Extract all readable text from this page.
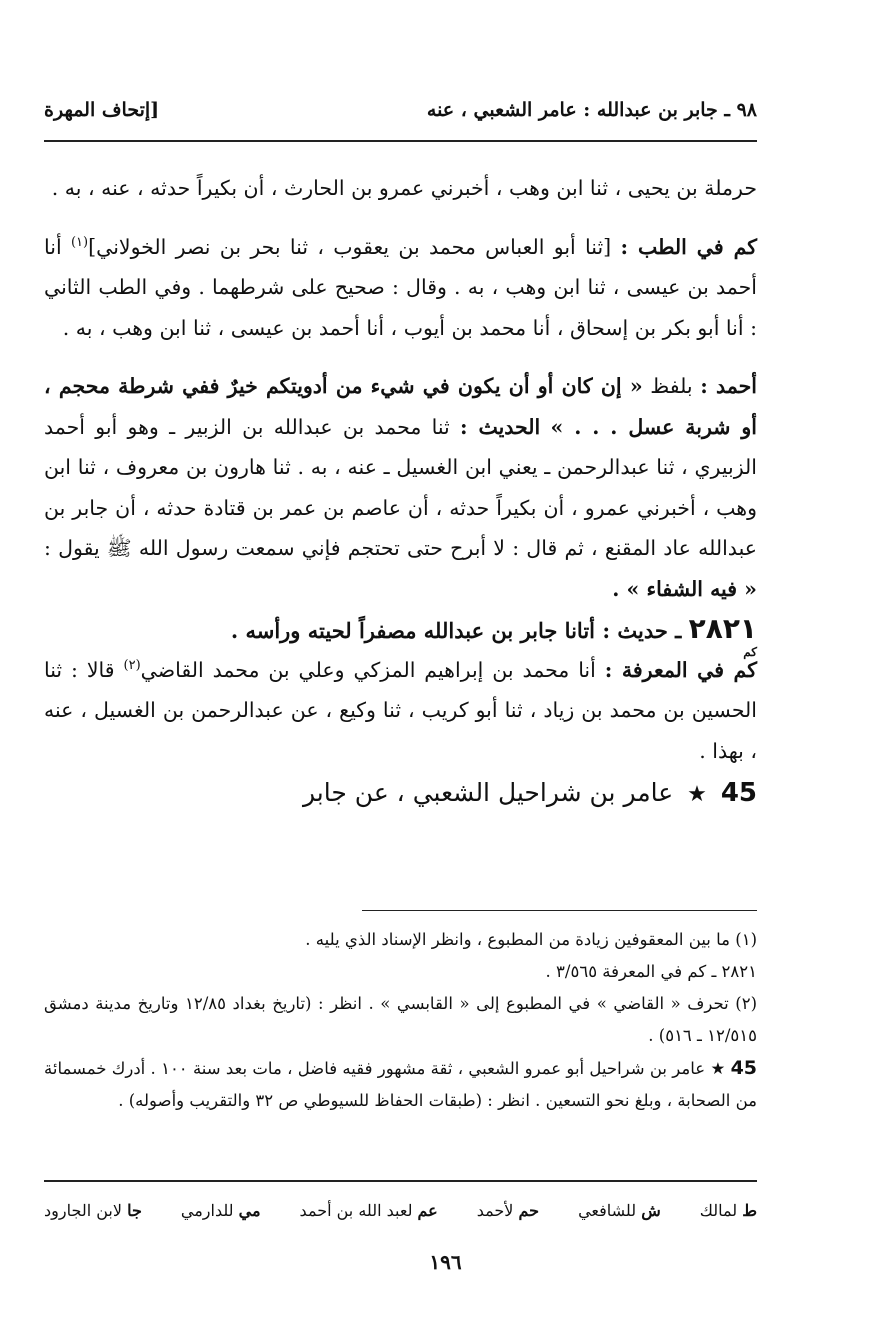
٩٨ ـ جابر بن عبدالله : عامر الشعبي ، عنه
[إتحاف المهرة

حرملة بن يحيى ، ثنا ابن وهب ، أخبرني عمرو بن الحارث ، أن بكيراً حدثه ، عنه ، به .

كم في الطب : [ثنا أبو العباس محمد بن يعقوب ، ثنا بحر بن نصر الخولاني]$^{(١)}$ أنا أحمد بن عيسى ، ثنا ابن وهب ، به . وقال : صحيح على شرطهما . وفي الطب الثاني : أنا أبو بكر بن إسحاق ، أنا محمد بن أيوب ، أنا أحمد بن عيسى ، ثنا ابن وهب ، به .

أحمد : بلفظ « إن كان أو أن يكون في شيء من أدويتكم خيرٌ ففي شرطة محجم ، أو شربة عسل . . . » الحديث : ثنا محمد بن عبدالله بن الزبير ـ وهو أبو أحمد الزبيري ، ثنا عبدالرحمن ـ يعني ابن الغسيل ـ عنه ، به . ثنا هارون بن معروف ، ثنا ابن وهب ، أخبرني عمرو ، أن بكيراً حدثه ، أن عاصم بن عمر بن قتادة حدثه ، أن جابر بن عبدالله عاد المقنع ، ثم قال : لا أبرح حتى تحتجم فإني سمعت رسول الله ﷺ يقول : « فيه الشفاء » .

٢٨٢١ ـ حديث : أتانا جابر بن عبدالله مصفراً لحيته ورأسه .
كم

كم في المعرفة : أنا محمد بن إبراهيم المزكي وعلي بن محمد القاضي$^{(٢)}$ قالا : ثنا الحسين بن محمد بن زياد ، ثنا أبو كريب ، ثنا وكيع ، عن عبدالرحمن بن الغسيل ، عنه ، بهذا .

45 ★ عامر بن شراحيل الشعبي ، عن جابر

(١) ما بين المعقوفين زيادة من المطبوع ، وانظر الإسناد الذي يليه .

٢٨٢١ ـ كم في المعرفة ٣/٥٦٥ .

(٢) تحرف « القاضي » في المطبوع إلى « القابسي » . انظر : (تاريخ بغداد ١٢/٨٥ وتاريخ مدينة دمشق ١٢/٥١٥ ـ ٥١٦) .

45 ★ عامر بن شراحيل أبو عمرو الشعبي ، ثقة مشهور فقيه فاضل ، مات بعد سنة ١٠٠ . أدرك خمسمائة من الصحابة ، وبلغ نحو التسعين . انظر : (طبقات الحفاظ للسيوطي ص ٣٢ والتقريب وأصوله) .

ط لمالك
ش للشافعي
حم لأحمد
عم لعبد الله بن أحمد
مي للدارمي
جا لابن الجارود
١٩٦
